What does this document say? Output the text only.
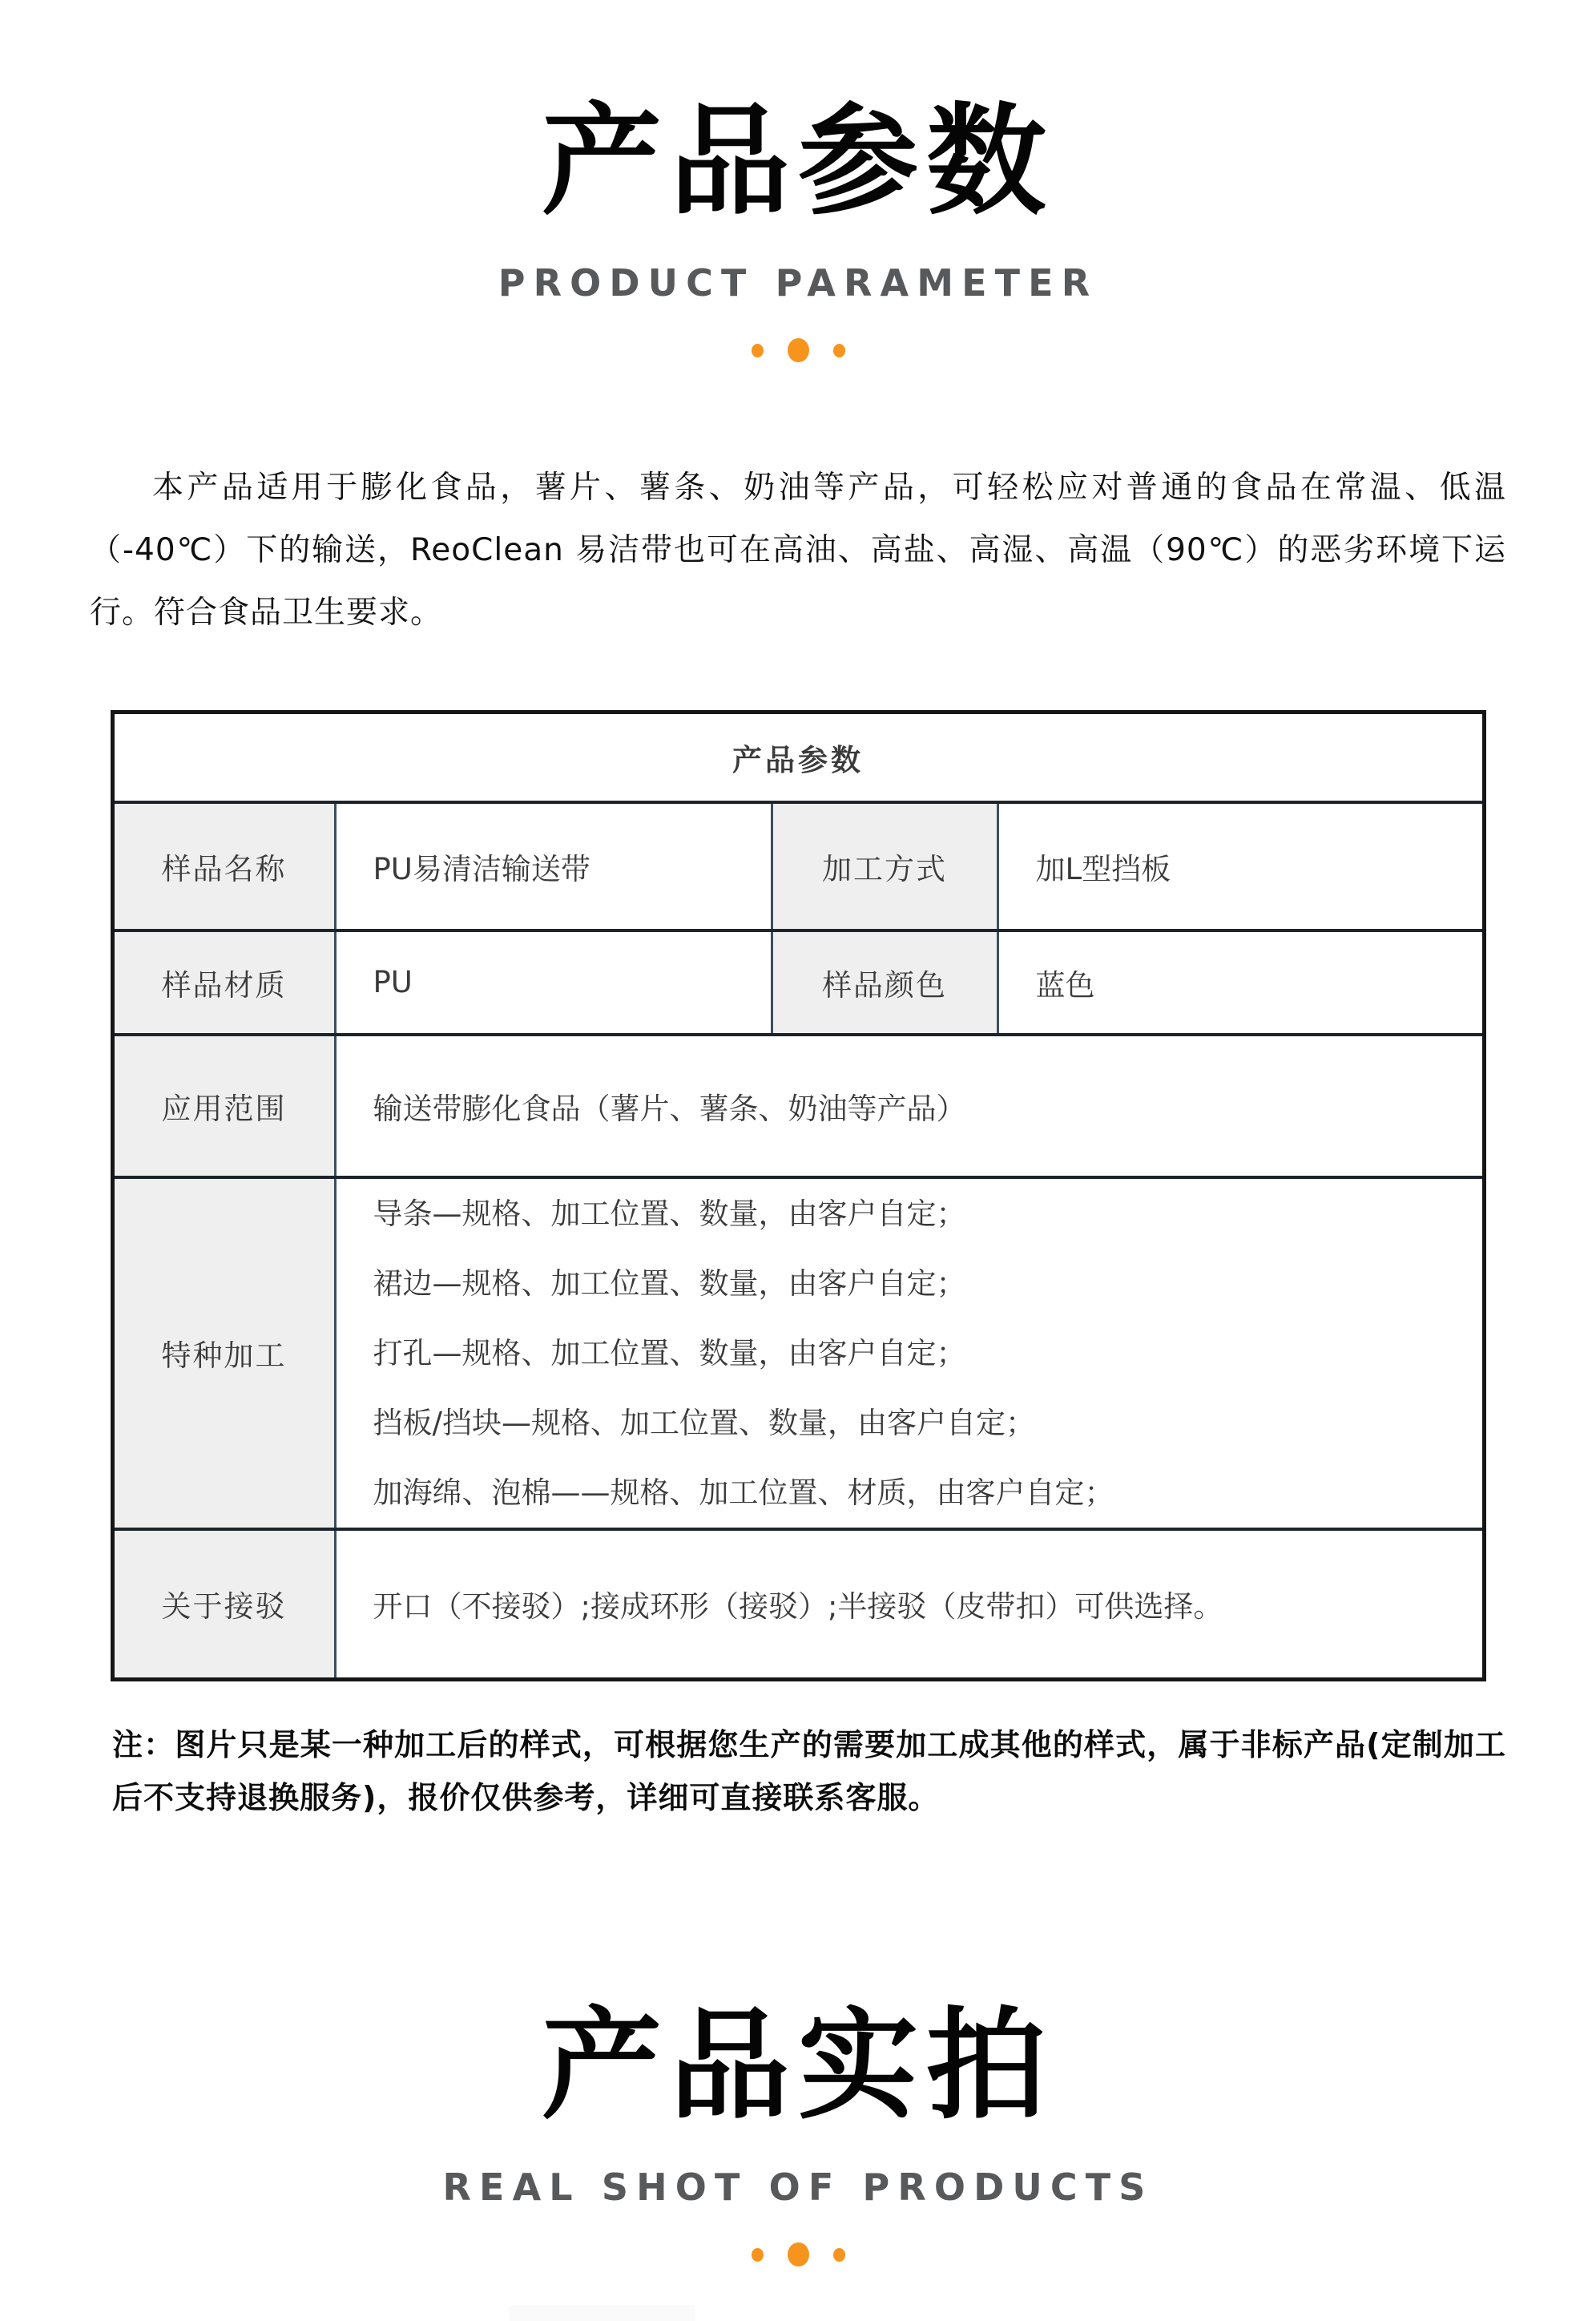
产品参数
PRODUCT PARAMETER

本产品适用于膨化食品，薯片、薯条、奶油等产品，可轻松应对普通的食品在常温、低温（-40℃）下的输送，ReoClean 易洁带也可在高油、高盐、高湿、高温（90℃）的恶劣环境下运行。符合食品卫生要求。

产品参数			
样品名称	PU易清洁输送带	加工方式	加L型挡板
样品材质	PU	样品颜色	蓝色
应用范围	输送带膨化食品（薯片、薯条、奶油等产品）		
特种加工	导条—规格、加工位置、数量，由客户自定；
裙边—规格、加工位置、数量，由客户自定；
打孔—规格、加工位置、数量，由客户自定；
挡板/挡块—规格、加工位置、数量，由客户自定；
加海绵、泡棉——规格、加工位置、材质，由客户自定；		

关于接驳	开口（不接驳）;接成环形（接驳）;半接驳（皮带扣）可供选择。		

注：图片只是某一种加工后的样式，可根据您生产的需要加工成其他的样式，属于非标产品(定制加工后不支持退换服务)，报价仅供参考，详细可直接联系客服。

产品实拍
REAL SHOT OF PRODUCTS
